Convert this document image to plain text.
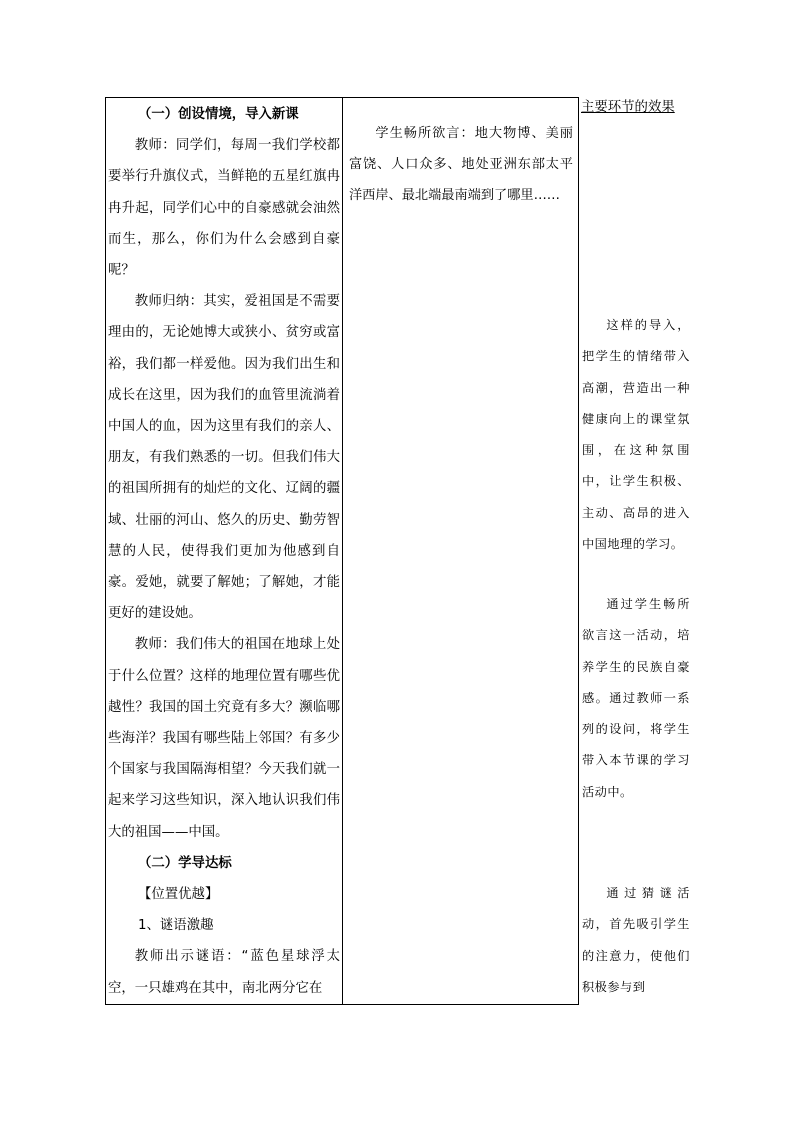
（一）创设情境，导入新课

教师：同学们，每周一我们学校都要举行升旗仪式，当鲜艳的五星红旗冉冉升起，同学们心中的自豪感就会油然而生，那么，你们为什么会感到自豪呢？

教师归纳：其实，爱祖国是不需要理由的，无论她博大或狭小、贫穷或富裕，我们都一样爱他。因为我们出生和成长在这里，因为我们的血管里流淌着中国人的血，因为这里有我们的亲人、朋友，有我们熟悉的一切。但我们伟大的祖国所拥有的灿烂的文化、辽阔的疆域、壮丽的河山、悠久的历史、勤劳智慧的人民，使得我们更加为他感到自豪。爱她，就要了解她；了解她，才能更好的建设她。

教师：我们伟大的祖国在地球上处于什么位置？这样的地理位置有哪些优越性？我国的国土究竟有多大？濒临哪些海洋？我国有哪些陆上邻国？有多少个国家与我国隔海相望？今天我们就一起来学习这些知识，深入地认识我们伟大的祖国——中国。

（二）学导达标

【位置优越】

1、谜语激趣

教师出示谜语：“蓝色星球浮太空，一只雄鸡在其中，南北两分它在

学生畅所欲言：地大物博、美丽富饶、人口众多、地处亚洲东部太平洋西岸、最北端最南端到了哪里……

主要环节的效果

这样的导入，把学生的情绪带入高潮，营造出一种健康向上的课堂氛围，在这种氛围中，让学生积极、主动、高昂的进入中国地理的学习。

通过学生畅所欲言这一活动，培养学生的民族自豪感。通过教师一系列的设问，将学生带入本节课的学习活动中。

通过猜谜活动，首先吸引学生的注意力，使他们积极参与到
